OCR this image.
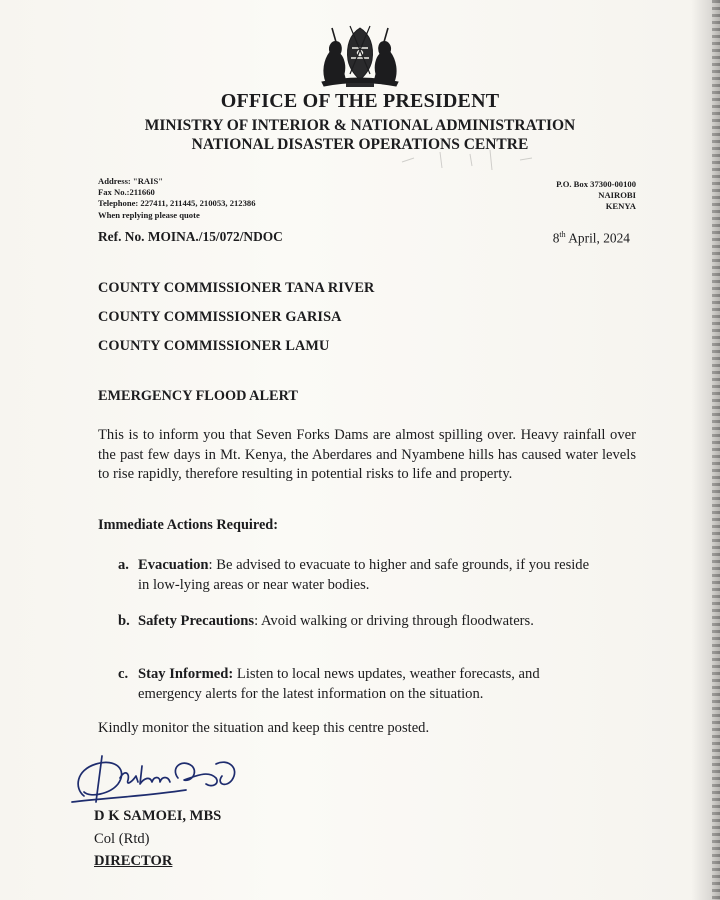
OFFICE OF THE PRESIDENT
MINISTRY OF INTERIOR & NATIONAL ADMINISTRATION
NATIONAL DISASTER OPERATIONS CENTRE
Address: "RAIS"
Fax No.:211660
Telephone: 227411, 211445, 210053, 212386
When replying please quote
P.O. Box 37300-00100
NAIROBI
KENYA
Ref. No. MOINA./15/072/NDOC	8th April, 2024
COUNTY COMMISSIONER TANA RIVER
COUNTY COMMISSIONER GARISA
COUNTY COMMISSIONER LAMU
EMERGENCY FLOOD ALERT
This is to inform you that Seven Forks Dams are almost spilling over. Heavy rainfall over the past few days in Mt. Kenya, the Aberdares and Nyambene hills has caused water levels to rise rapidly, therefore resulting in potential risks to life and property.
Immediate Actions Required:
a. Evacuation: Be advised to evacuate to higher and safe grounds, if you reside
in low-lying areas or near water bodies.
b. Safety Precautions: Avoid walking or driving through floodwaters.
c. Stay Informed: Listen to local news updates, weather forecasts, and
emergency alerts for the latest information on the situation.
Kindly monitor the situation and keep this centre posted.
D K SAMOEI, MBS
Col (Rtd)
DIRECTOR
